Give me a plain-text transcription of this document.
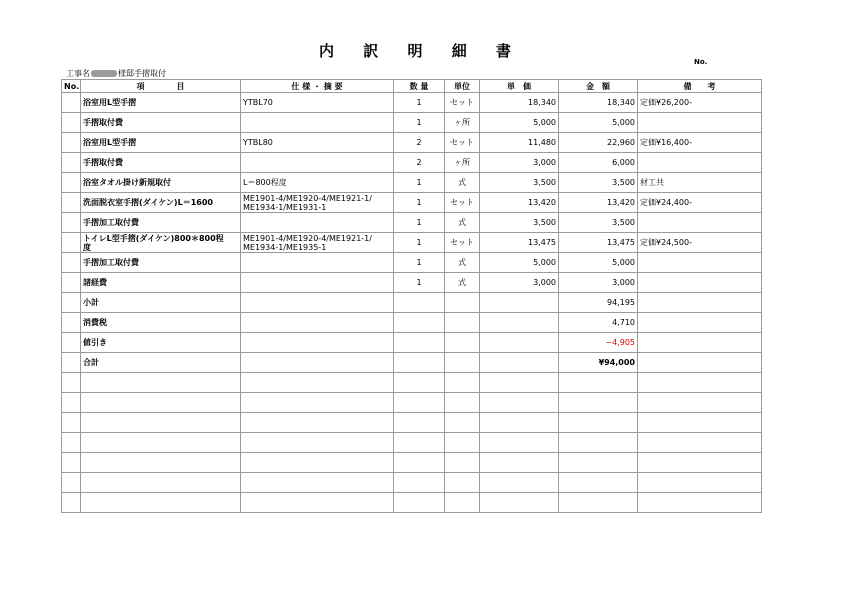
内 訳 明 細 書
No.
工事名	様邸手摺取付
No.	項　　　　目	仕 様 ・ 摘 要	数 量	単位	単　価	金　額	備　　考
	浴室用L型手摺	YTBL70	1	セット	18,340	18,340	定価¥26,200-
	手摺取付費		1	ヶ所	5,000	5,000	
	浴室用L型手摺	YTBL80	2	セット	11,480	22,960	定価¥16,400-
	手摺取付費		2	ヶ所	3,000	6,000	
	浴室タオル掛け新規取付	L＝800程度	1	式	3,500	3,500	材工共
	洗面脱衣室手摺(ダイケン)L＝1600	ME1901-4/ME1920-4/ME1921-1/
ME1934-1/ME1931-1	1	セット	13,420	13,420	定価¥24,400-
	手摺加工取付費		1	式	3,500	3,500	
	トイレL型手摺(ダイケン)800＊800程
度	ME1901-4/ME1920-4/ME1921-1/
ME1934-1/ME1935-1	1	セット	13,475	13,475	定価¥24,500-
	手摺加工取付費		1	式	5,000	5,000	
	諸経費		1	式	3,000	3,000	
	小計					94,195	
	消費税					4,710	
	値引き					−4,905	
	合計					¥94,000	
